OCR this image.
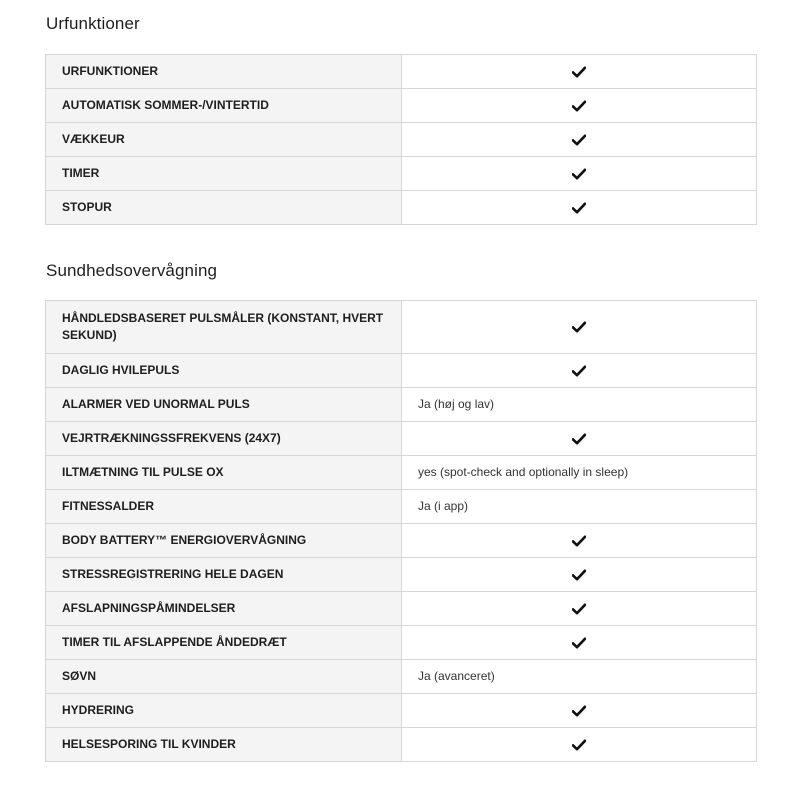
Urfunktioner
URFUNKTIONER	

AUTOMATISK SOMMER-/VINTERTID	

VÆKKEUR	

TIMER	

STOPUR	
Sundhedsovervågning
HÅNDLEDSBASERET PULSMÅLER (KONSTANT, HVERT SEKUND)	

DAGLIG HVILEPULS	

ALARMER VED UNORMAL PULS	Ja (høj og lav)
VEJRTRÆKNINGSSFREKVENS (24X7)	

ILTMÆTNING TIL PULSE OX	yes (spot-check and optionally in sleep)
FITNESSALDER	Ja (i app)
BODY BATTERY™ ENERGIOVERVÅGNING	

STRESSREGISTRERING HELE DAGEN	

AFSLAPNINGSPÅMINDELSER	

TIMER TIL AFSLAPPENDE ÅNDEDRÆT	

SØVN	Ja (avanceret)
HYDRERING	

HELSESPORING TIL KVINDER	
